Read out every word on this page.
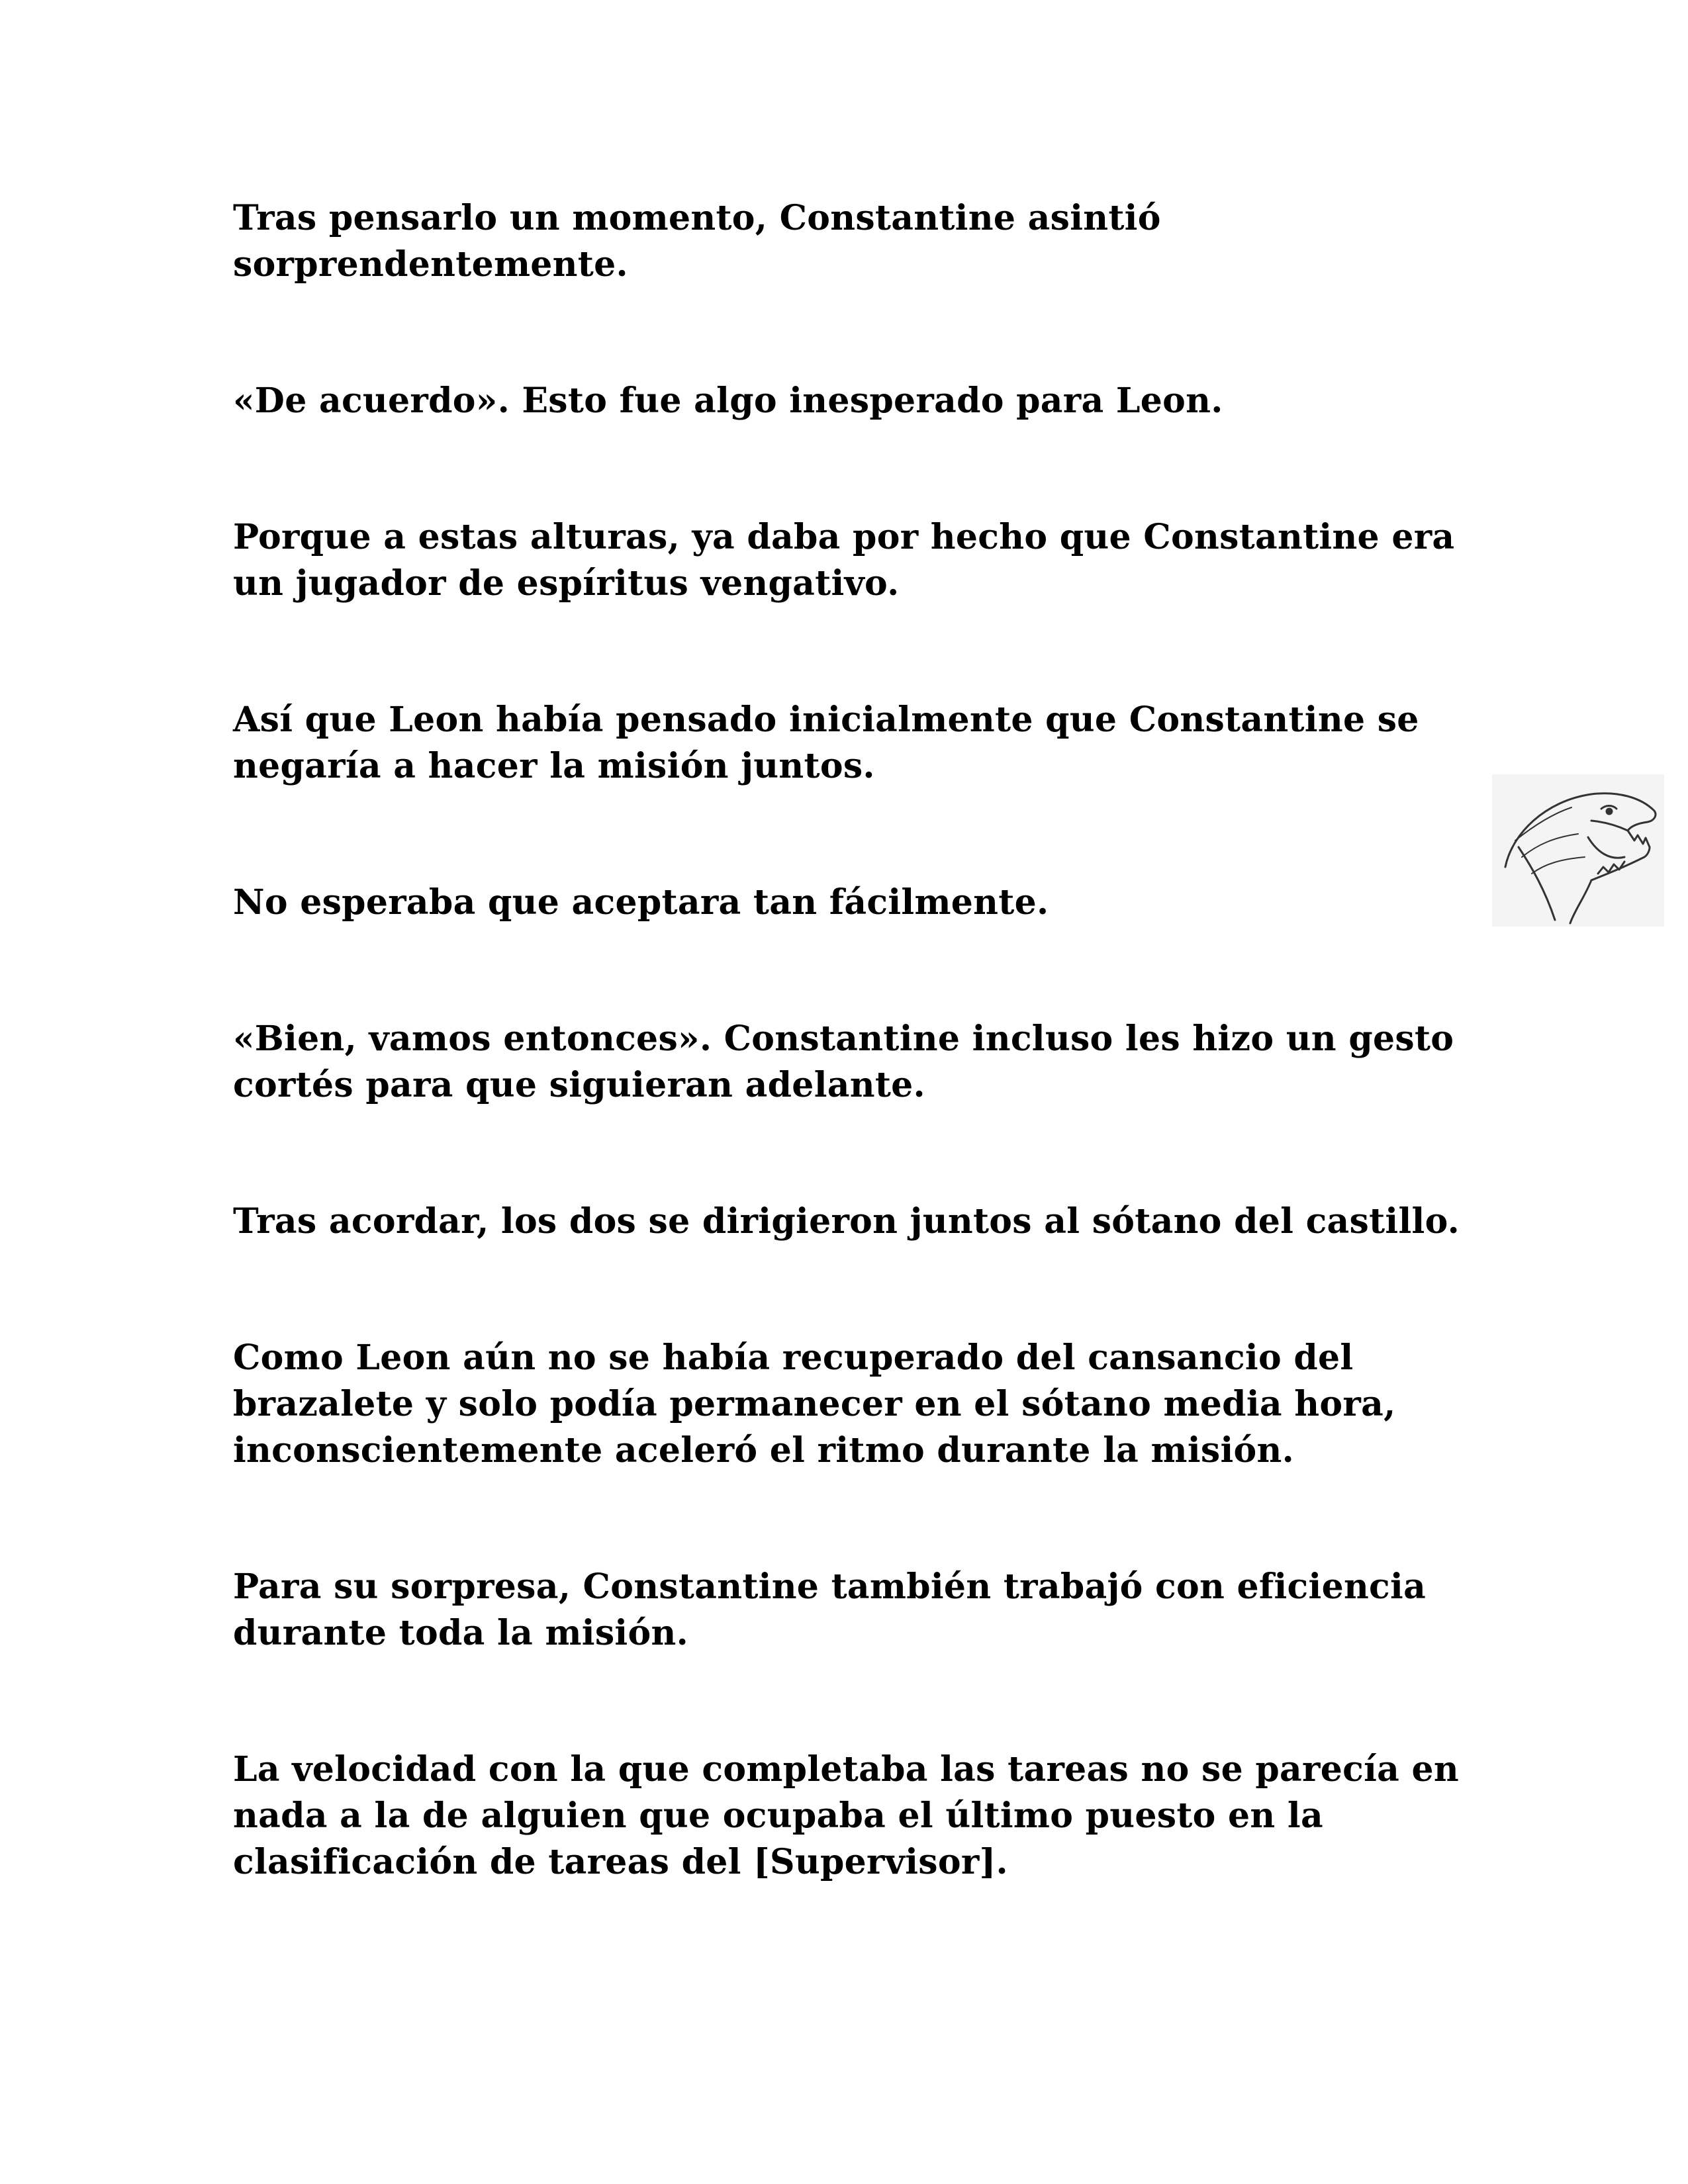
Tras pensarlo un momento, Constantine asintió sorprendentemente.

«De acuerdo». Esto fue algo inesperado para Leon.

Porque a estas alturas, ya daba por hecho que Constantine era un jugador de espíritus vengativo.

Así que Leon había pensado inicialmente que Constantine se negaría a hacer la misión juntos.

No esperaba que aceptara tan fácilmente.

«Bien, vamos entonces». Constantine incluso les hizo un gesto cortés para que siguieran adelante.

Tras acordar, los dos se dirigieron juntos al sótano del castillo.

Como Leon aún no se había recuperado del cansancio del brazalete y solo podía permanecer en el sótano media hora, inconscientemente aceleró el ritmo durante la misión.

Para su sorpresa, Constantine también trabajó con eficiencia durante toda la misión.

La velocidad con la que completaba las tareas no se parecía en nada a la de alguien que ocupaba el último puesto en la clasificación de tareas del [Supervisor].
